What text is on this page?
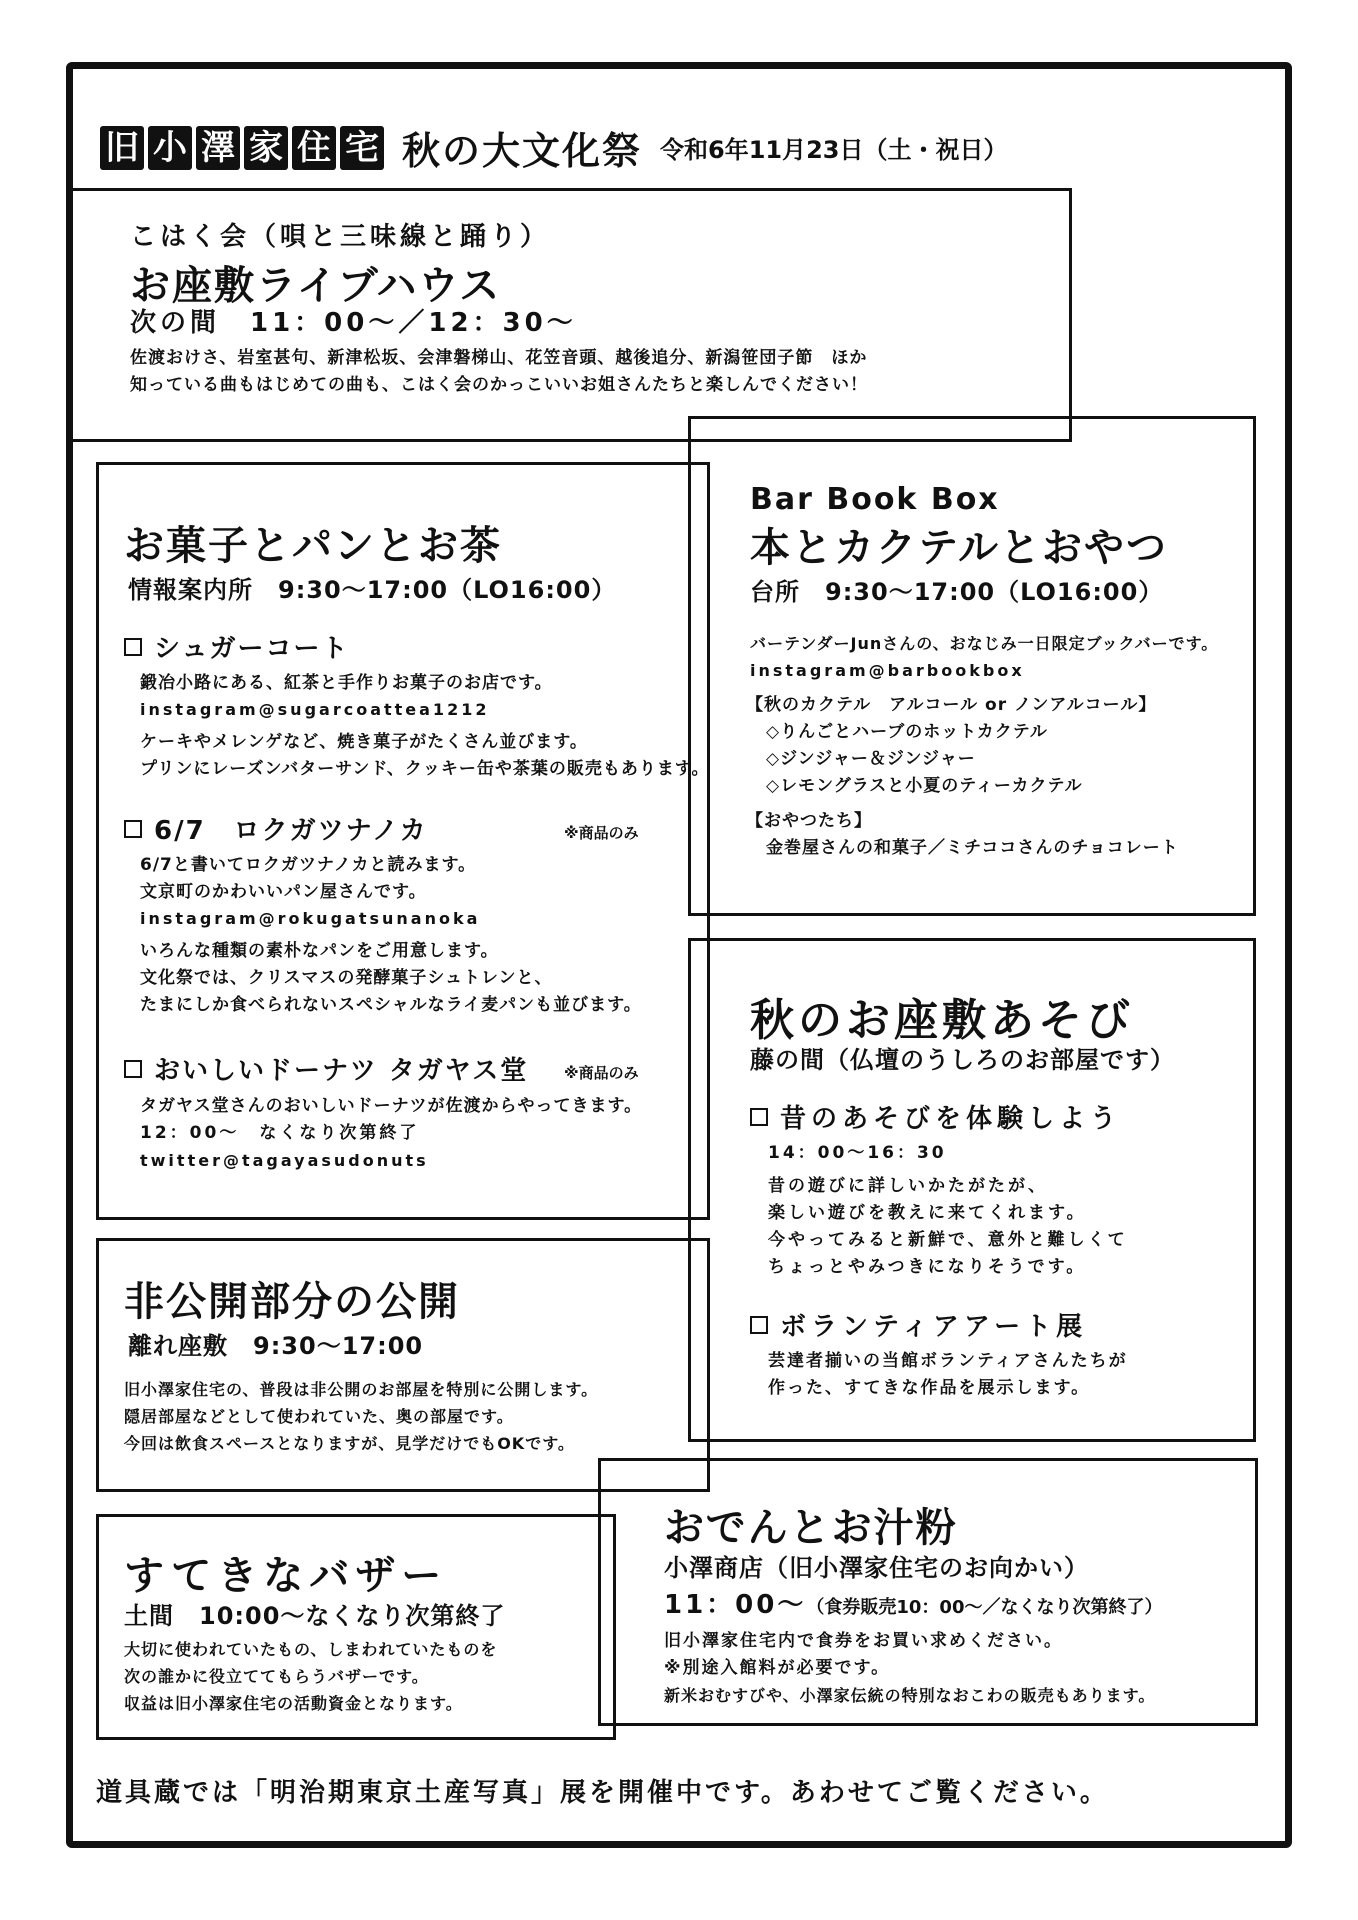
旧 小 澤 家 住 宅 秋の大文化祭 令和6年11月23日（土・祝日）
こはく会（唄と三味線と踊り）
お座敷ライブハウス
次の間　11：00～／12：30～
佐渡おけさ、岩室甚句、新津松坂、会津磐梯山、花笠音頭、越後追分、新潟笹団子節　ほか
知っている曲もはじめての曲も、こはく会のかっこいいお姐さんたちと楽しんでください！
お菓子とパンとお茶
情報案内所　9:30～17:00（LO16:00）
シュガーコート
鍛冶小路にある、紅茶と手作りお菓子のお店です。
instagram@sugarcoattea1212
ケーキやメレンゲなど、焼き菓子がたくさん並びます。
プリンにレーズンバターサンド、クッキー缶や茶葉の販売もあります。
6/7　ロクガツナノカ	※商品のみ
6/7と書いてロクガツナノカと読みます。
文京町のかわいいパン屋さんです。
instagram@rokugatsunanoka
いろんな種類の素朴なパンをご用意します。
文化祭では、クリスマスの発酵菓子シュトレンと、
たまにしか食べられないスペシャルなライ麦パンも並びます。
おいしいドーナツ タガヤス堂 ※商品のみ
タガヤス堂さんのおいしいドーナツが佐渡からやってきます。
12：00～　なくなり次第終了
twitter@tagayasudonuts
Bar Book Box
本とカクテルとおやつ
台所　9:30～17:00（LO16:00）
バーテンダーJunさんの、おなじみ一日限定ブックバーです。
instagram@barbookbox
【秋のカクテル　アルコール or ノンアルコール】
◇りんごとハーブのホットカクテル
◇ジンジャー＆ジンジャー
◇レモングラスと小夏のティーカクテル
【おやつたち】
金巻屋さんの和菓子／ミチココさんのチョコレート
秋のお座敷あそび
藤の間（仏壇のうしろのお部屋です）
昔のあそびを体験しよう
14：00～16：30
昔の遊びに詳しいかたがたが、
楽しい遊びを教えに来てくれます。
今やってみると新鮮で、意外と難しくて
ちょっとやみつきになりそうです。
ボランティアアート展
芸達者揃いの当館ボランティアさんたちが
作った、すてきな作品を展示します。
非公開部分の公開
離れ座敷　9:30～17:00
旧小澤家住宅の、普段は非公開のお部屋を特別に公開します。
隠居部屋などとして使われていた、奥の部屋です。
今回は飲食スペースとなりますが、見学だけでもOKです。
すてきなバザー
土間　10:00～なくなり次第終了
大切に使われていたもの、しまわれていたものを
次の誰かに役立ててもらうバザーです。
収益は旧小澤家住宅の活動資金となります。
おでんとお汁粉
小澤商店（旧小澤家住宅のお向かい）
11：00～（食券販売10：00～／なくなり次第終了）
旧小澤家住宅内で食券をお買い求めください。
※別途入館料が必要です。
新米おむすびや、小澤家伝統の特別なおこわの販売もあります。
道具蔵では「明治期東京土産写真」展を開催中です。あわせてご覧ください。
